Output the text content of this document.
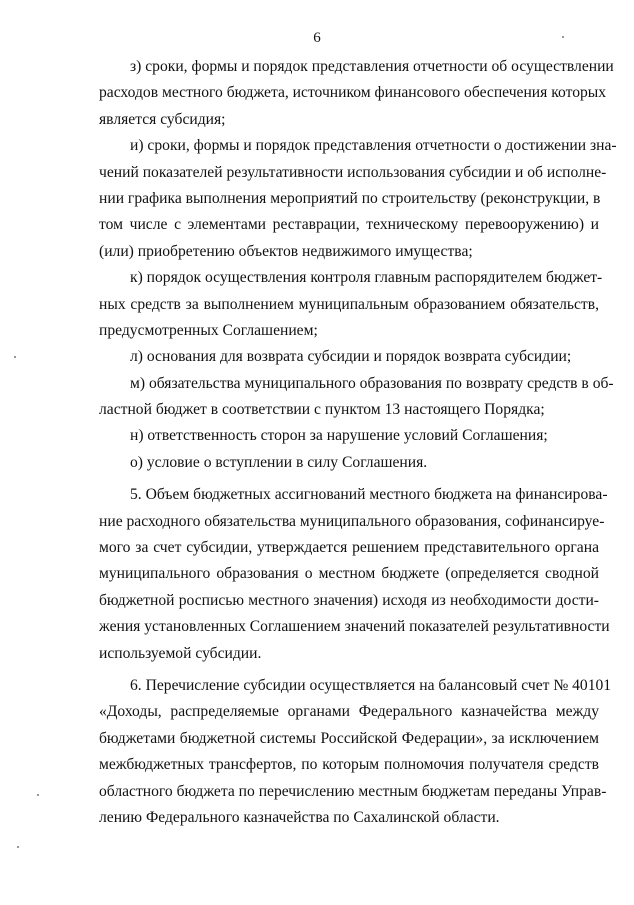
6
з) сроки, формы и порядок представления отчетности об осуществлении
расходов местного бюджета, источником финансового обеспечения которых
является субсидия;
и) сроки, формы и порядок представления отчетности о достижении зна-
чений показателей результативности использования субсидии и об исполне-
нии графика выполнения мероприятий по строительству (реконструкции, в
том числе с элементами реставрации, техническому перевооружению) и
(или) приобретению объектов недвижимого имущества;
к) порядок осуществления контроля главным распорядителем бюджет-
ных средств за выполнением муниципальным образованием обязательств,
предусмотренных Соглашением;
л) основания для возврата субсидии и порядок возврата субсидии;
м) обязательства муниципального образования по возврату средств в об-
ластной бюджет в соответствии с пунктом 13 настоящего Порядка;
н) ответственность сторон за нарушение условий Соглашения;
о) условие о вступлении в силу Соглашения.
5. Объем бюджетных ассигнований местного бюджета на финансирова-
ние расходного обязательства муниципального образования, софинансируе-
мого за счет субсидии, утверждается решением представительного органа
муниципального образования о местном бюджете (определяется сводной
бюджетной росписью местного значения) исходя из необходимости дости-
жения установленных Соглашением значений показателей результативности
используемой субсидии.
6. Перечисление субсидии осуществляется на балансовый счет № 40101
«Доходы, распределяемые органами Федерального казначейства между
бюджетами бюджетной системы Российской Федерации», за исключением
межбюджетных трансфертов, по которым полномочия получателя средств
областного бюджета по перечислению местным бюджетам переданы Управ-
лению Федерального казначейства по Сахалинской области.
